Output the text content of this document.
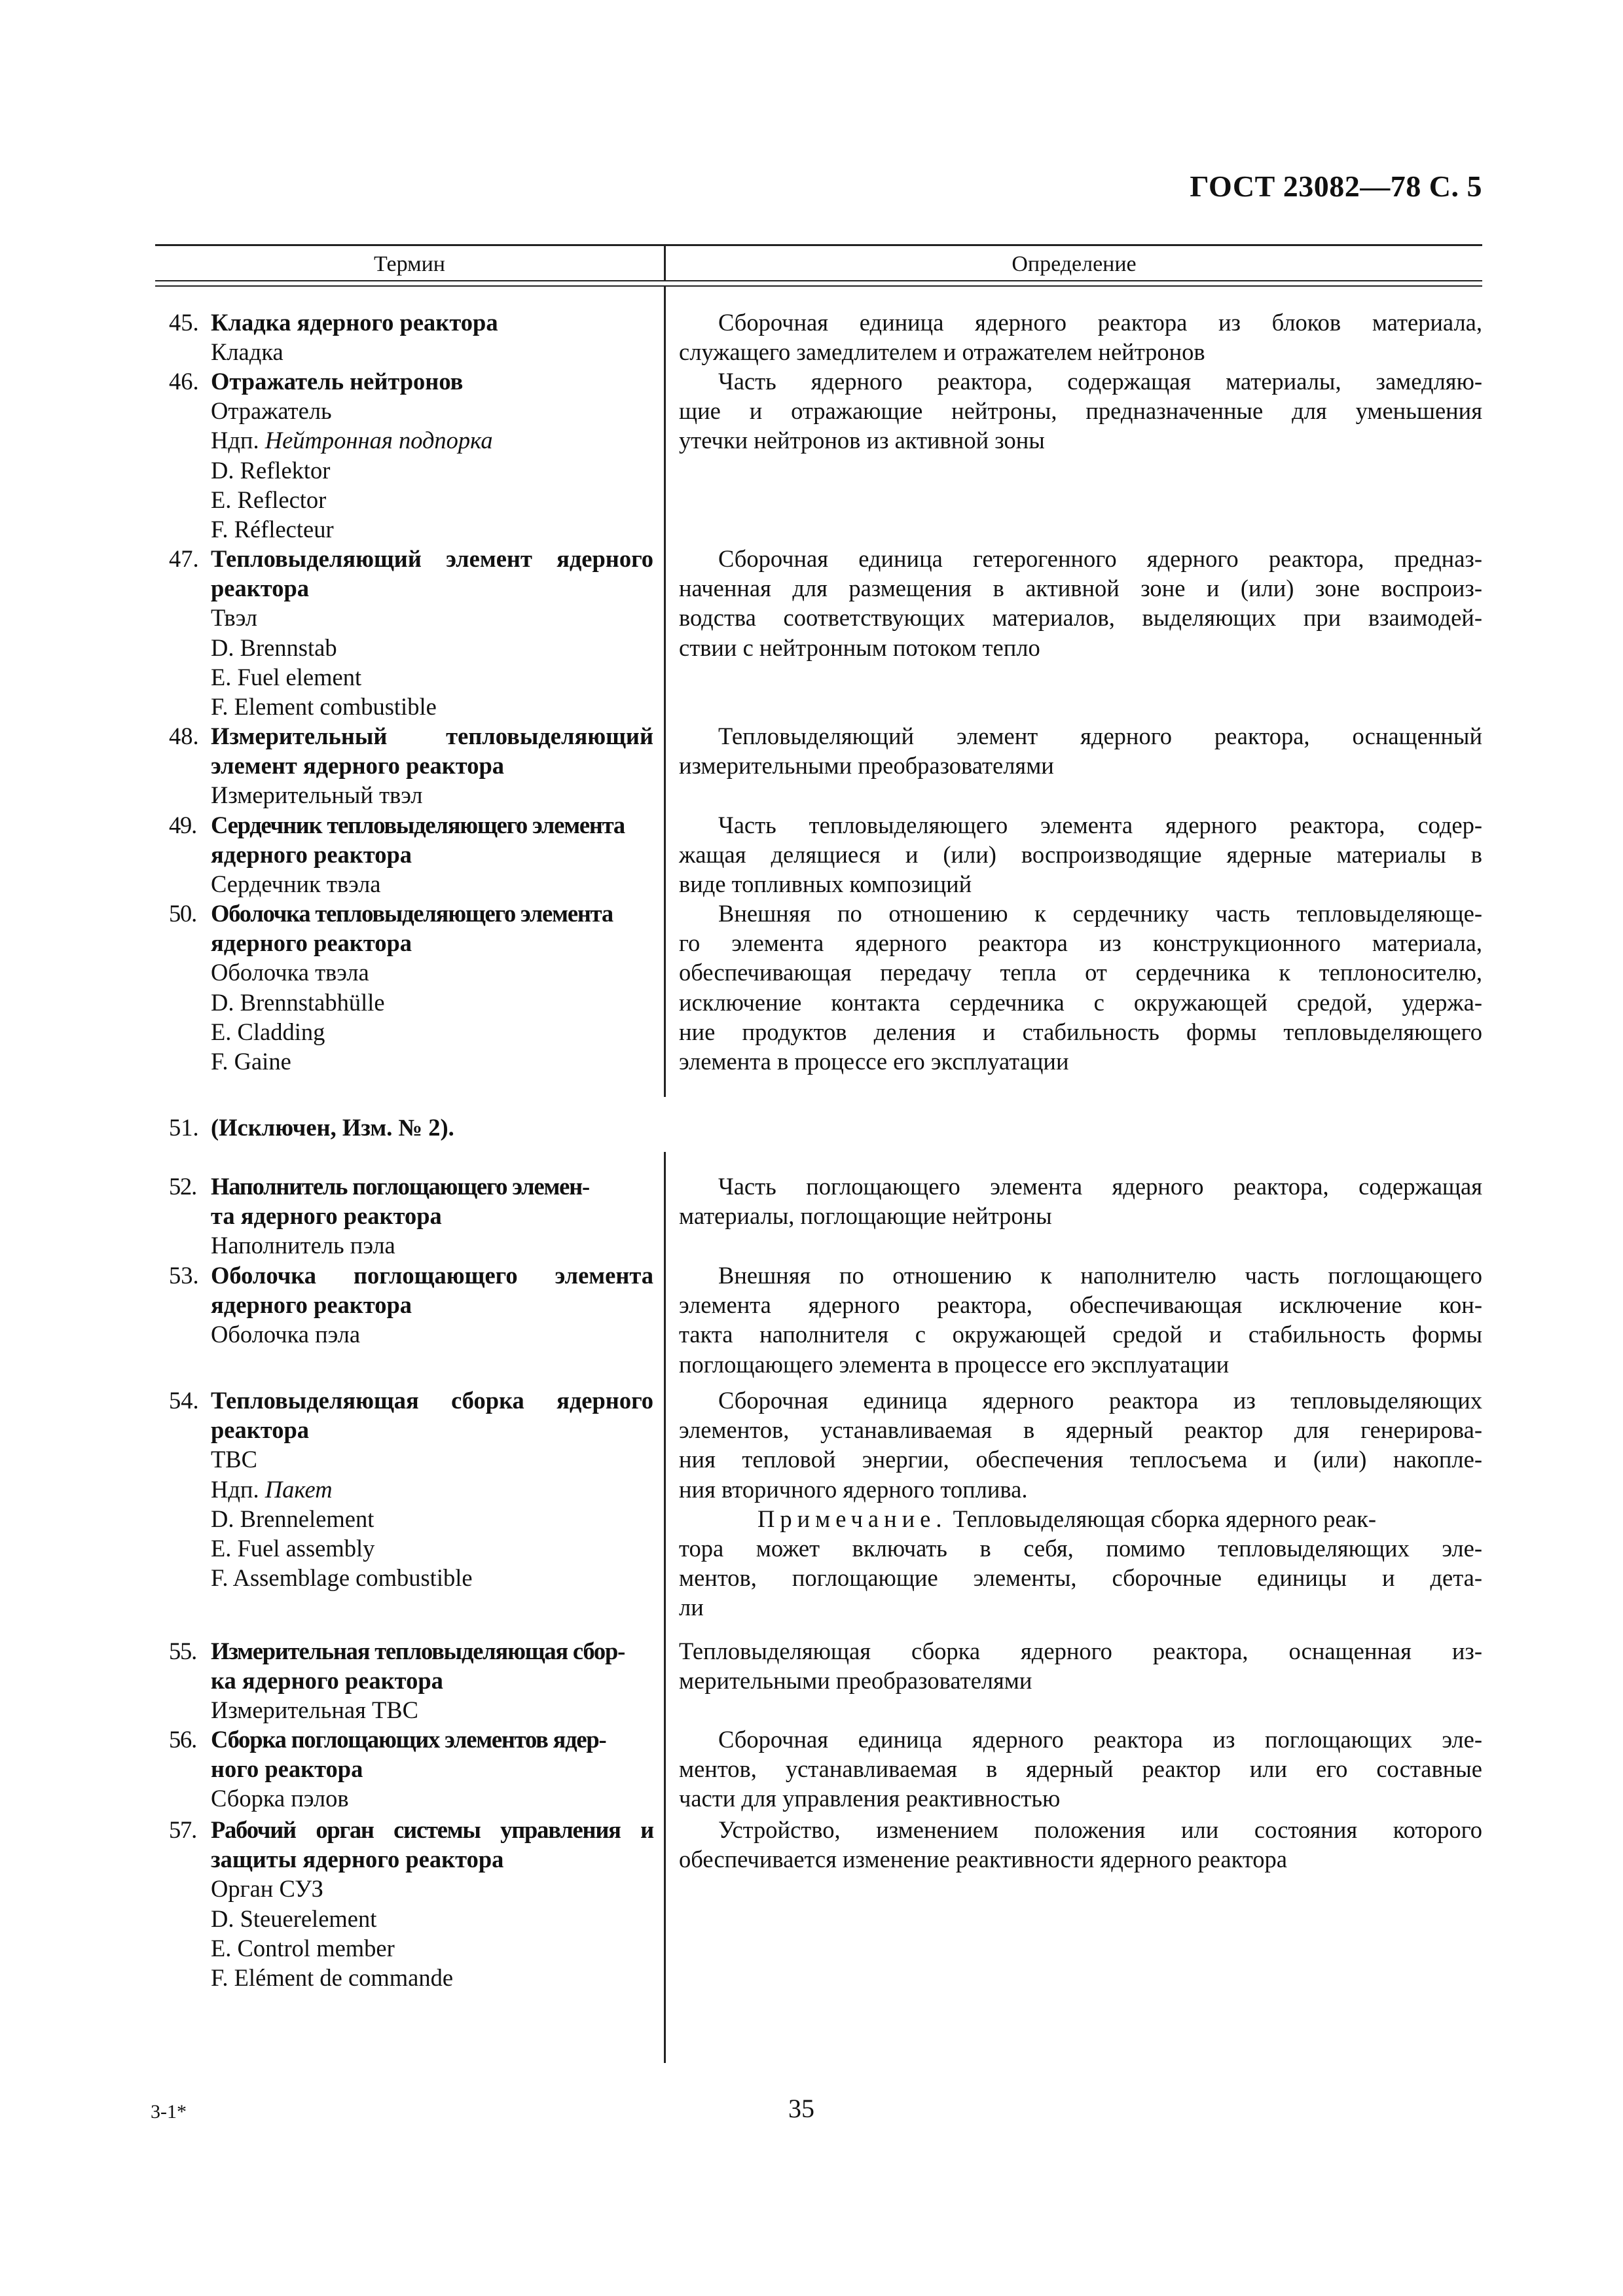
ГОСТ 23082—78 С. 5
Термин	Определение
45. Кладка ядерного реактора
Кладка
Сборочная единица ядерного реактора из блоков материала,
служащего замедлителем и отражателем нейтронов
46. Отражатель нейтронов
Отражатель
Ндп. Нейтронная подпорка
D. Reflektor
E. Reflector
F. Réflecteur
Часть ядерного реактора, содержащая материалы, замедляю-
щие и отражающие нейтроны, предназначенные для уменьшения
утечки нейтронов из активной зоны
47. Тепловыделяющий элемент ядерного
реактора
Твэл
D. Brennstab
E. Fuel element
F. Element combustible
Сборочная единица гетерогенного ядерного реактора, предназ-
наченная для размещения в активной зоне и (или) зоне воспроиз-
водства соответствующих материалов, выделяющих при взаимодей-
ствии с нейтронным потоком тепло
48. Измерительный тепловыделяющий
элемент ядерного реактора
Измерительный твэл
Тепловыделяющий элемент ядерного реактора, оснащенный
измерительными преобразователями
49. Сердечник тепловыделяющего элемента
ядерного реактора
Сердечник твэла
Часть тепловыделяющего элемента ядерного реактора, содер-
жащая делящиеся и (или) воспроизводящие ядерные материалы в
виде топливных композиций
50. Оболочка тепловыделяющего элемента
ядерного реактора
Оболочка твэла
D. Brennstabhülle
E. Cladding
F. Gaine
Внешняя по отношению к сердечнику часть тепловыделяюще-
го элемента ядерного реактора из конструкционного материала,
обеспечивающая передачу тепла от сердечника к теплоносителю,
исключение контакта сердечника с окружающей средой, удержа-
ние продуктов деления и стабильность формы тепловыделяющего
элемента в процессе его эксплуатации
51. (Исключен, Изм. № 2).
52. Наполнитель поглощающего элемен-
та ядерного реактора
Наполнитель пэла
Часть поглощающего элемента ядерного реактора, содержащая
материалы, поглощающие нейтроны
53. Оболочка поглощающего элемента
ядерного реактора
Оболочка пэла
Внешняя по отношению к наполнителю часть поглощающего
элемента ядерного реактора, обеспечивающая исключение кон-
такта наполнителя с окружающей средой и стабильность формы
поглощающего элемента в процессе его эксплуатации
54. Тепловыделяющая сборка ядерного
реактора
ТВС
Ндп. Пакет
D. Brennelement
E. Fuel assembly
F. Assemblage combustible
Сборочная единица ядерного реактора из тепловыделяющих
элементов, устанавливаемая в ядерный реактор для генерирова-
ния тепловой энергии, обеспечения теплосъема и (или) накопле-
ния вторичного ядерного топлива.
Примечание. Тепловыделяющая сборка ядерного реак-
тора может включать в себя, помимо тепловыделяющих эле-
ментов, поглощающие элементы, сборочные единицы и дета-
ли
55. Измерительная тепловыделяющая сбор-
ка ядерного реактора
Измерительная ТВС
Тепловыделяющая сборка ядерного реактора, оснащенная из-
мерительными преобразователями
56. Сборка поглощающих элементов ядер-
ного реактора
Сборка пэлов
Сборочная единица ядерного реактора из поглощающих эле-
ментов, устанавливаемая в ядерный реактор или его составные
части для управления реактивностью
57. Рабочий орган системы управления и
защиты ядерного реактора
Орган СУЗ
D. Steuerelement
E. Control member
F. Elément de commande
Устройство, изменением положения или состояния которого
обеспечивается изменение реактивности ядерного реактора
3-1*	35
